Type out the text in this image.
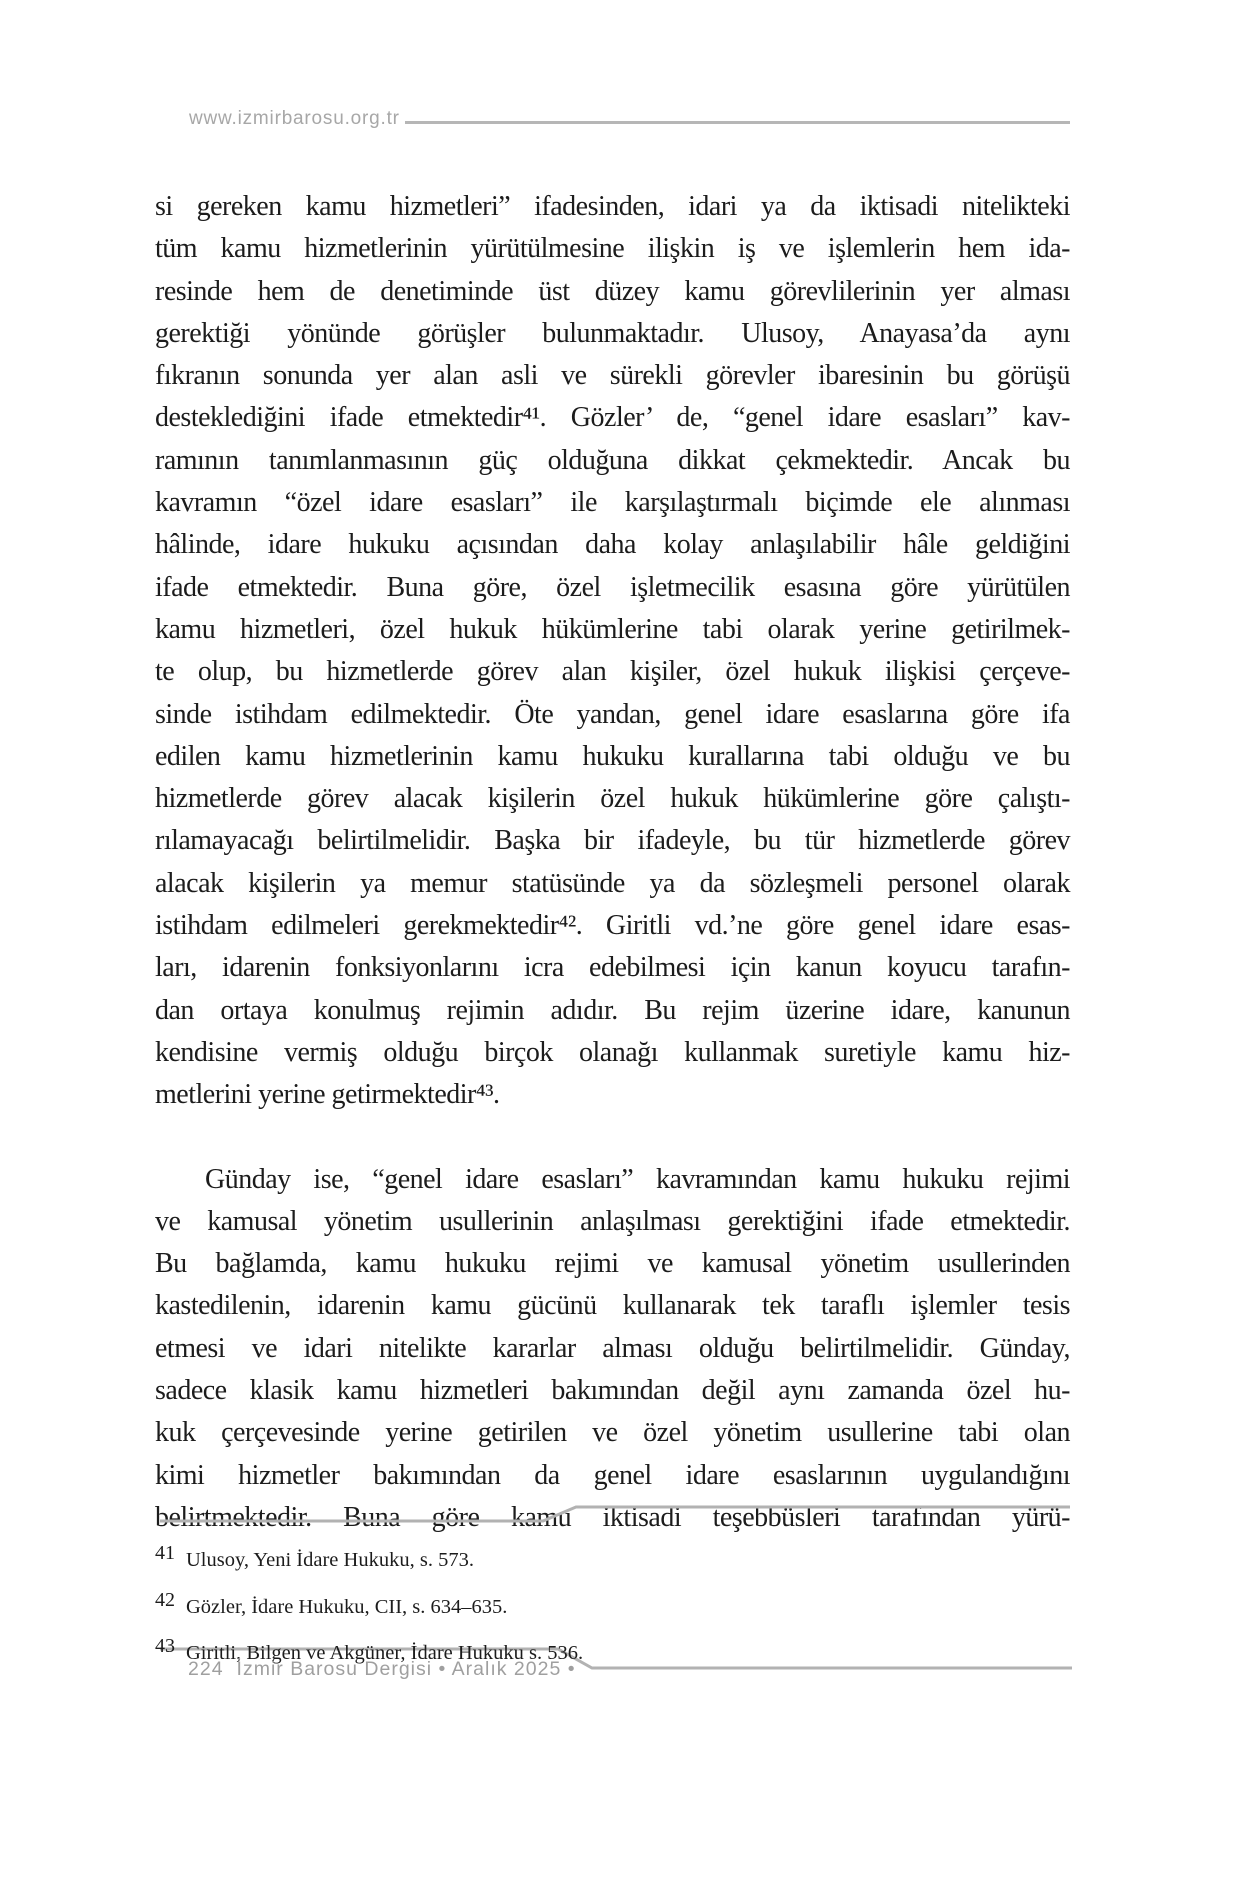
www.izmirbarosu.org.tr
si gereken kamu hizmetleri” ifadesinden, idari ya da iktisadi nitelikteki
tüm kamu hizmetlerinin yürütülmesine ilişkin iş ve işlemlerin hem ida-
resinde hem de denetiminde üst düzey kamu görevlilerinin yer alması
gerektiği yönünde görüşler bulunmaktadır. Ulusoy, Anayasa’da aynı
fıkranın sonunda yer alan asli ve sürekli görevler ibaresinin bu görüşü
desteklediğini ifade etmektedir⁴¹. Gözler’ de, “genel idare esasları” kav-
ramının tanımlanmasının güç olduğuna dikkat çekmektedir. Ancak bu
kavramın “özel idare esasları” ile karşılaştırmalı biçimde ele alınması
hâlinde, idare hukuku açısından daha kolay anlaşılabilir hâle geldiğini
ifade etmektedir. Buna göre, özel işletmecilik esasına göre yürütülen
kamu hizmetleri, özel hukuk hükümlerine tabi olarak yerine getirilmek-
te olup, bu hizmetlerde görev alan kişiler, özel hukuk ilişkisi çerçeve-
sinde istihdam edilmektedir. Öte yandan, genel idare esaslarına göre ifa
edilen kamu hizmetlerinin kamu hukuku kurallarına tabi olduğu ve bu
hizmetlerde görev alacak kişilerin özel hukuk hükümlerine göre çalıştı-
rılamayacağı belirtilmelidir. Başka bir ifadeyle, bu tür hizmetlerde görev
alacak kişilerin ya memur statüsünde ya da sözleşmeli personel olarak
istihdam edilmeleri gerekmektedir⁴². Giritli vd.’ne göre genel idare esas-
ları, idarenin fonksiyonlarını icra edebilmesi için kanun koyucu tarafın-
dan ortaya konulmuş rejimin adıdır. Bu rejim üzerine idare, kanunun
kendisine vermiş olduğu birçok olanağı kullanmak suretiyle kamu hiz-
metlerini yerine getirmektedir⁴³.
Günday ise, “genel idare esasları” kavramından kamu hukuku rejimi
ve kamusal yönetim usullerinin anlaşılması gerektiğini ifade etmektedir.
Bu bağlamda, kamu hukuku rejimi ve kamusal yönetim usullerinden
kastedilenin, idarenin kamu gücünü kullanarak tek taraflı işlemler tesis
etmesi ve idari nitelikte kararlar alması olduğu belirtilmelidir. Günday,
sadece klasik kamu hizmetleri bakımından değil aynı zamanda özel hu-
kuk çerçevesinde yerine getirilen ve özel yönetim usullerine tabi olan
kimi hizmetler bakımından da genel idare esaslarının uygulandığını
belirtmektedir. Buna göre kamu iktisadi teşebbüsleri tarafından yürü-
41 Ulusoy, Yeni İdare Hukuku, s. 573.
42 Gözler, İdare Hukuku, CII, s. 634–635.
43 Giritli, Bilgen ve Akgüner, İdare Hukuku s. 536.
224 İzmir Barosu Dergisi • Aralık 2025 •
